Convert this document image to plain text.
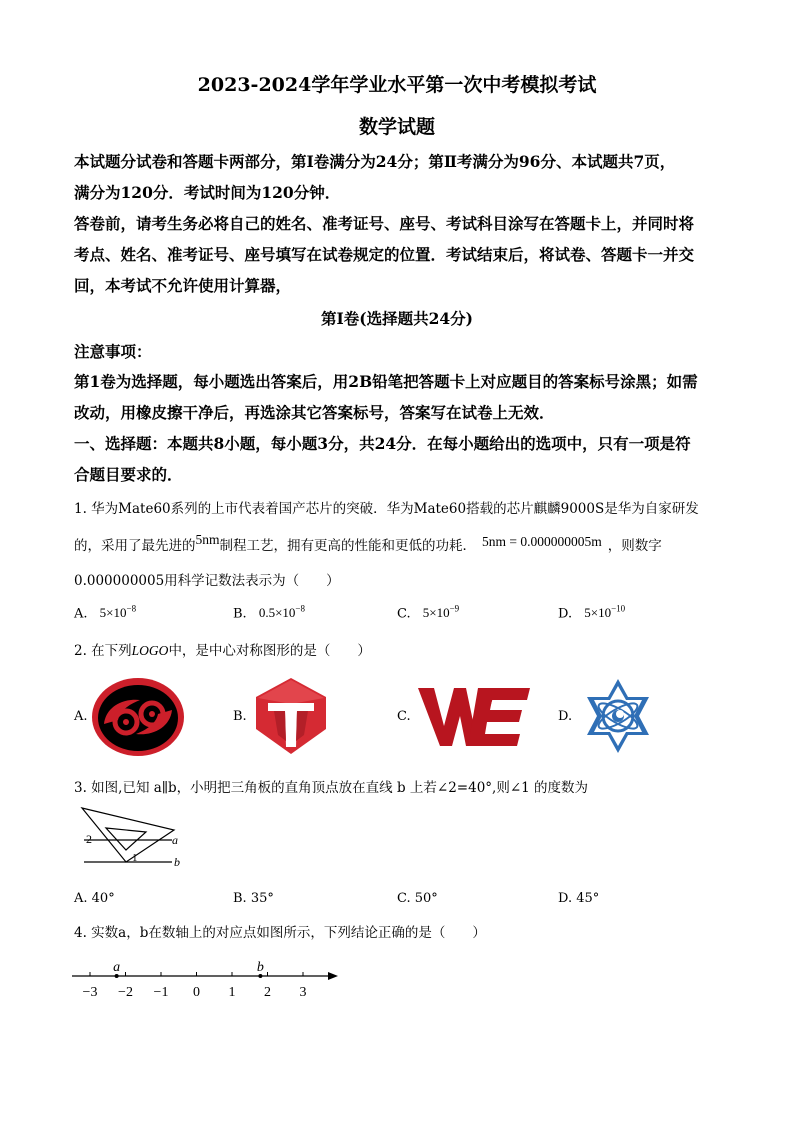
2023-2024学年学业水平第一次中考模拟考试
数学试题
本试题分试卷和答题卡两部分，第Ⅰ卷满分为24分；第Ⅱ考满分为96分、本试题共7页，
满分为120分．考试时间为120分钟．
答卷前，请考生务必将自己的姓名、准考证号、座号、考试科目涂写在答题卡上，并同时将
考点、姓名、准考证号、座号填写在试卷规定的位置．考试结束后，将试卷、答题卡一并交
回，本考试不允许使用计算器，
第Ⅰ卷(选择题共24分)
注意事项：
第1卷为选择题，每小题选出答案后，用2B铅笔把答题卡上对应题目的答案标号涂黑；如需
改动，用橡皮擦干净后，再选涂其它答案标号，答案写在试卷上无效．
一、选择题：本题共8小题，每小题3分，共24分．在每小题给出的选项中，只有一项是符
合题目要求的．
1. 华为Mate60系列的上市代表着国产芯片的突破．华为Mate60搭载的芯片麒麟9000S是华为自家研发
的，采用了最先进的5nm制程工艺，拥有更高的性能和更低的功耗． 5nm = 0.000000005m ，则数字
0.000000005用科学记数法表示为（　　）
A. $5\times 10^{-8}$	B. $0.5\times 10^{-8}$	C. $5\times 10^{-9}$	D. $5\times 10^{-10}$
2. 在下列LOGO中，是中心对称图形的是（　　）
A.	B.	C.	D.
3. 如图,已知 a∥b，小明把三角板的直角顶点放在直线 b 上若∠2=40°,则∠1 的度数为
2
1
a
b
A. 40°	B. 35°	C. 50°	D. 45°
4. 实数a，b在数轴上的对应点如图所示，下列结论正确的是（　　）
−3 −2 −1 0 1 2 3
a	b
